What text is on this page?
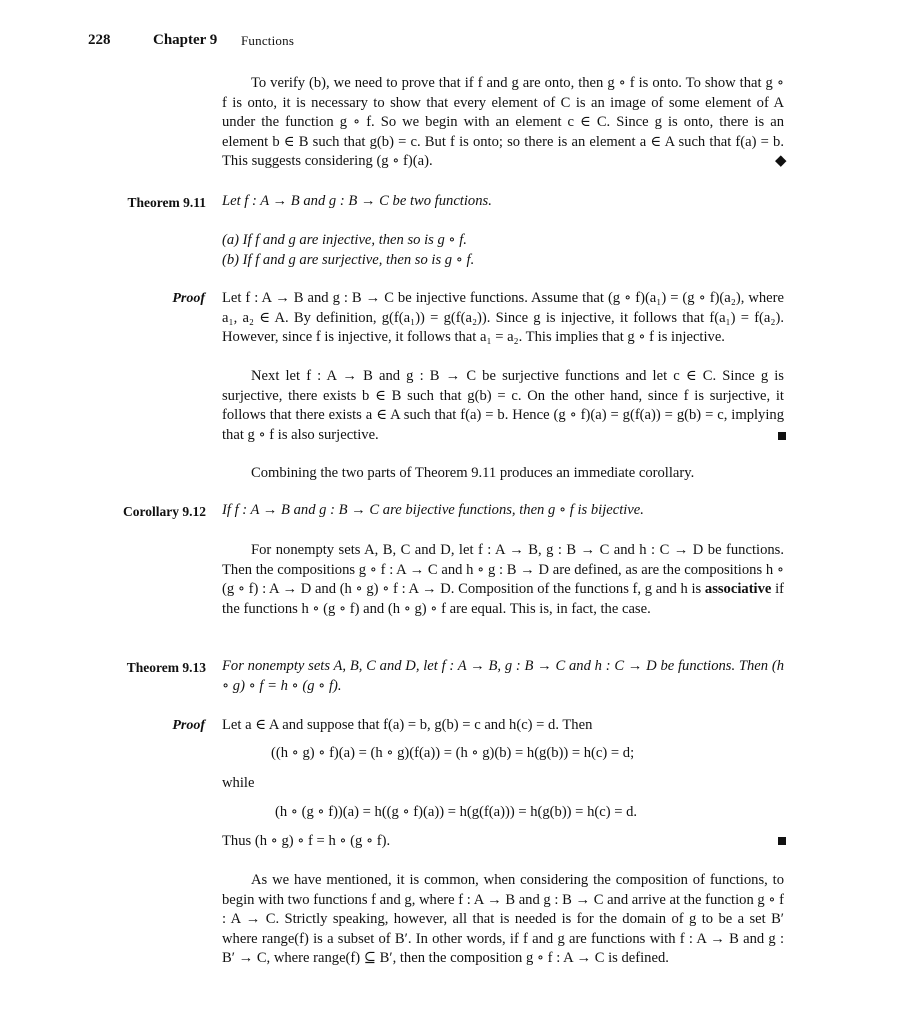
228	Chapter 9 Functions
To verify (b), we need to prove that if f and g are onto, then g ∘ f is onto. To show that g ∘ f is onto, it is necessary to show that every element of C is an image of some element of A under the function g ∘ f. So we begin with an element c ∈ C. Since g is onto, there is an element b ∈ B such that g(b) = c. But f is onto; so there is an element a ∈ A such that f(a) = b. This suggests considering (g ∘ f)(a).	◆
Theorem 9.11 Let f : A → B and g : B → C be two functions.
(a) If f and g are injective, then so is g ∘ f.
(b) If f and g are surjective, then so is g ∘ f.
Proof Let f : A → B and g : B → C be injective functions. Assume that (g ∘ f)(a₁) = (g ∘ f)(a₂), where a₁, a₂ ∈ A. By definition, g(f(a₁)) = g(f(a₂)). Since g is injective, it follows that f(a₁) = f(a₂). However, since f is injective, it follows that a₁ = a₂. This implies that g ∘ f is injective.
Next let f : A → B and g : B → C be surjective functions and let c ∈ C. Since g is surjective, there exists b ∈ B such that g(b) = c. On the other hand, since f is surjective, it follows that there exists a ∈ A such that f(a) = b. Hence (g ∘ f)(a) = g(f(a)) = g(b) = c, implying that g ∘ f is also surjective.
Combining the two parts of Theorem 9.11 produces an immediate corollary.
Corollary 9.12 If f : A → B and g : B → C are bijective functions, then g ∘ f is bijective.
For nonempty sets A, B, C and D, let f : A → B, g : B → C and h : C → D be functions. Then the compositions g ∘ f : A → C and h ∘ g : B → D are defined, as are the compositions h ∘ (g ∘ f) : A → D and (h ∘ g) ∘ f : A → D. Composition of the functions f, g and h is associative if the functions h ∘ (g ∘ f) and (h ∘ g) ∘ f are equal. This is, in fact, the case.
Theorem 9.13 For nonempty sets A, B, C and D, let f : A → B, g : B → C and h : C → D be functions. Then (h ∘ g) ∘ f = h ∘ (g ∘ f).
Proof Let a ∈ A and suppose that f(a) = b, g(b) = c and h(c) = d. Then
((h ∘ g) ∘ f)(a) = (h ∘ g)(f(a)) = (h ∘ g)(b) = h(g(b)) = h(c) = d;
while
(h ∘ (g ∘ f))(a) = h((g ∘ f)(a)) = h(g(f(a))) = h(g(b)) = h(c) = d.
Thus (h ∘ g) ∘ f = h ∘ (g ∘ f).
As we have mentioned, it is common, when considering the composition of functions, to begin with two functions f and g, where f : A → B and g : B → C and arrive at the function g ∘ f : A → C. Strictly speaking, however, all that is needed is for the domain of g to be a set B′ where range(f) is a subset of B′. In other words, if f and g are functions with f : A → B and g : B′ → C, where range(f) ⊆ B′, then the composition g ∘ f : A → C is defined.
